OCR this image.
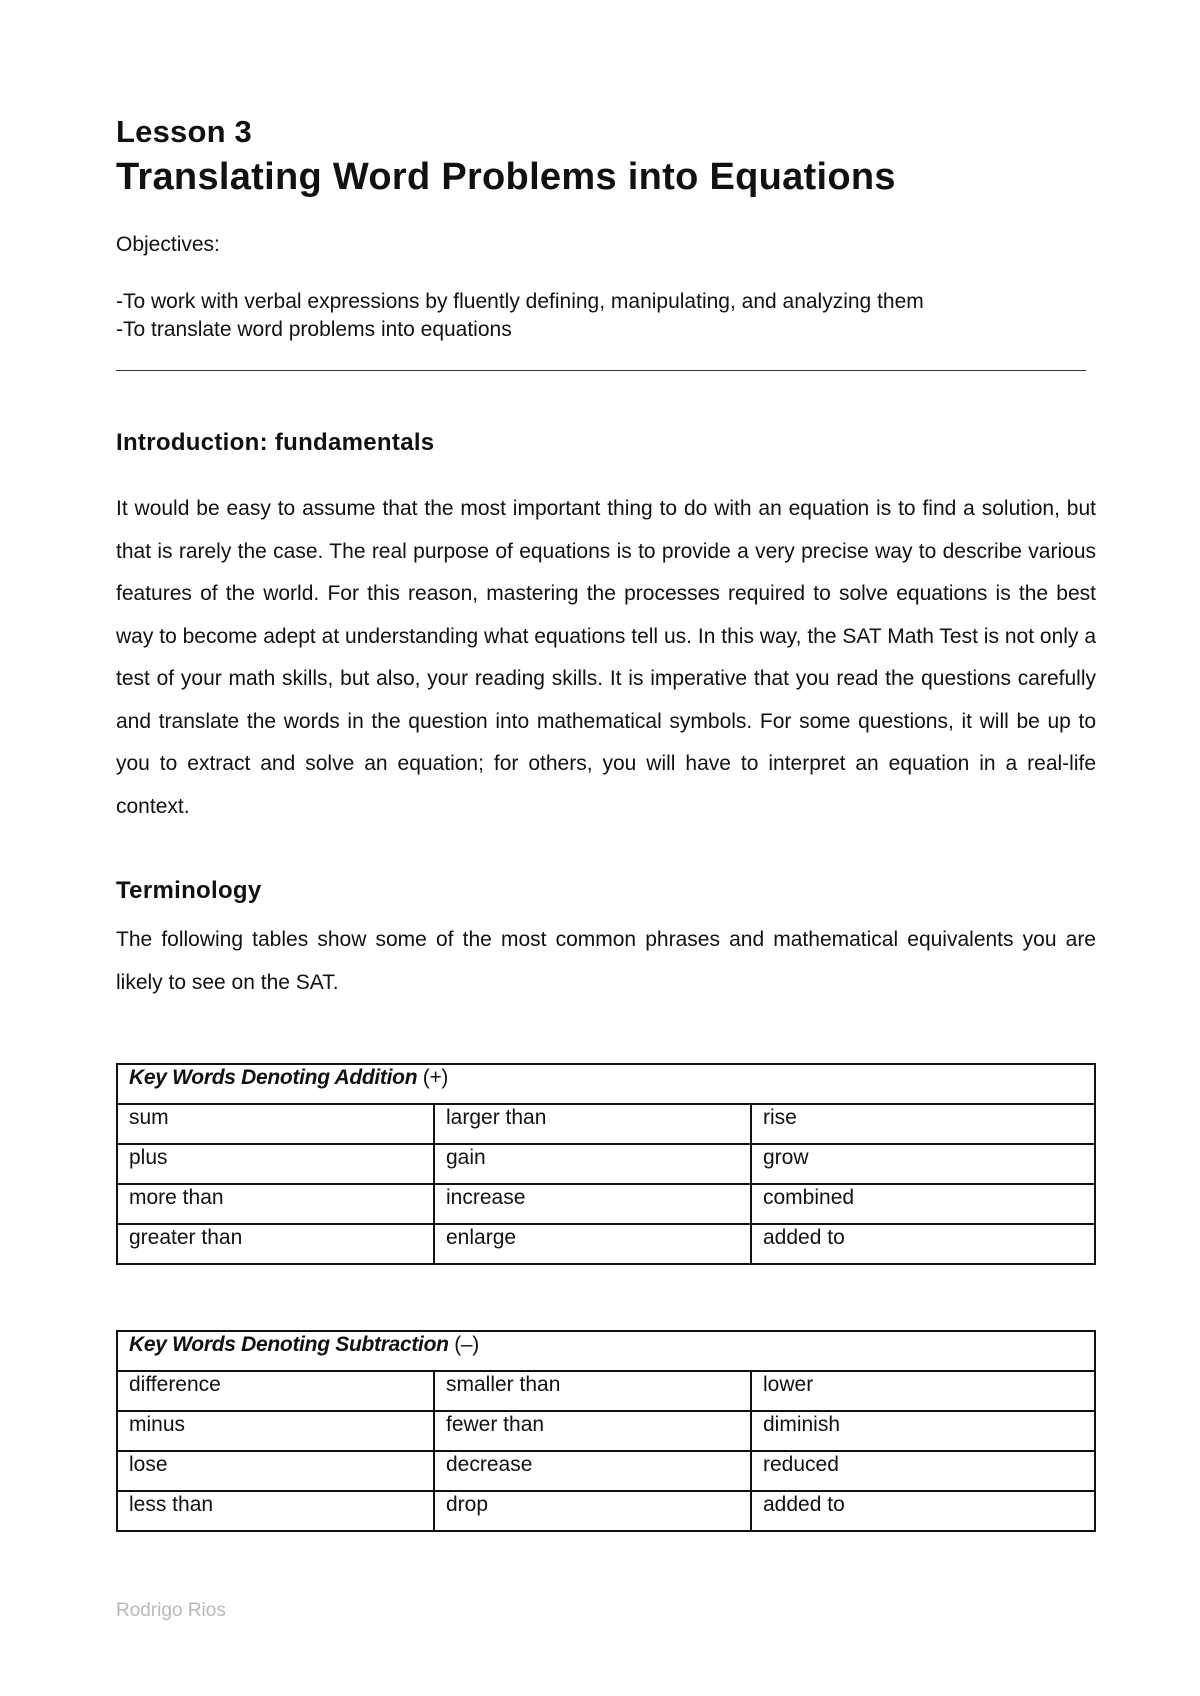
Lesson 3
Translating Word Problems into Equations
Objectives:
-To work with verbal expressions by fluently defining, manipulating, and analyzing them
-To translate word problems into equations
Introduction: fundamentals
It would be easy to assume that the most important thing to do with an equation is to find a solution, but that is rarely the case. The real purpose of equations is to provide a very precise way to describe various features of the world. For this reason, mastering the processes required to solve equations is the best way to become adept at understanding what equations tell us. In this way, the SAT Math Test is not only a test of your math skills, but also, your reading skills. It is imperative that you read the questions carefully and translate the words in the question into mathematical symbols. For some questions, it will be up to you to extract and solve an equation; for others, you will have to interpret an equation in a real-life context.
Terminology
The following tables show some of the most common phrases and mathematical equivalents you are likely to see on the SAT.
Key Words Denoting Addition (+)		
sum	larger than	rise
plus	gain	grow
more than	increase	combined
greater than	enlarge	added to
Key Words Denoting Subtraction (–)		
difference	smaller than	lower
minus	fewer than	diminish
lose	decrease	reduced
less than	drop	added to
Rodrigo Rios
